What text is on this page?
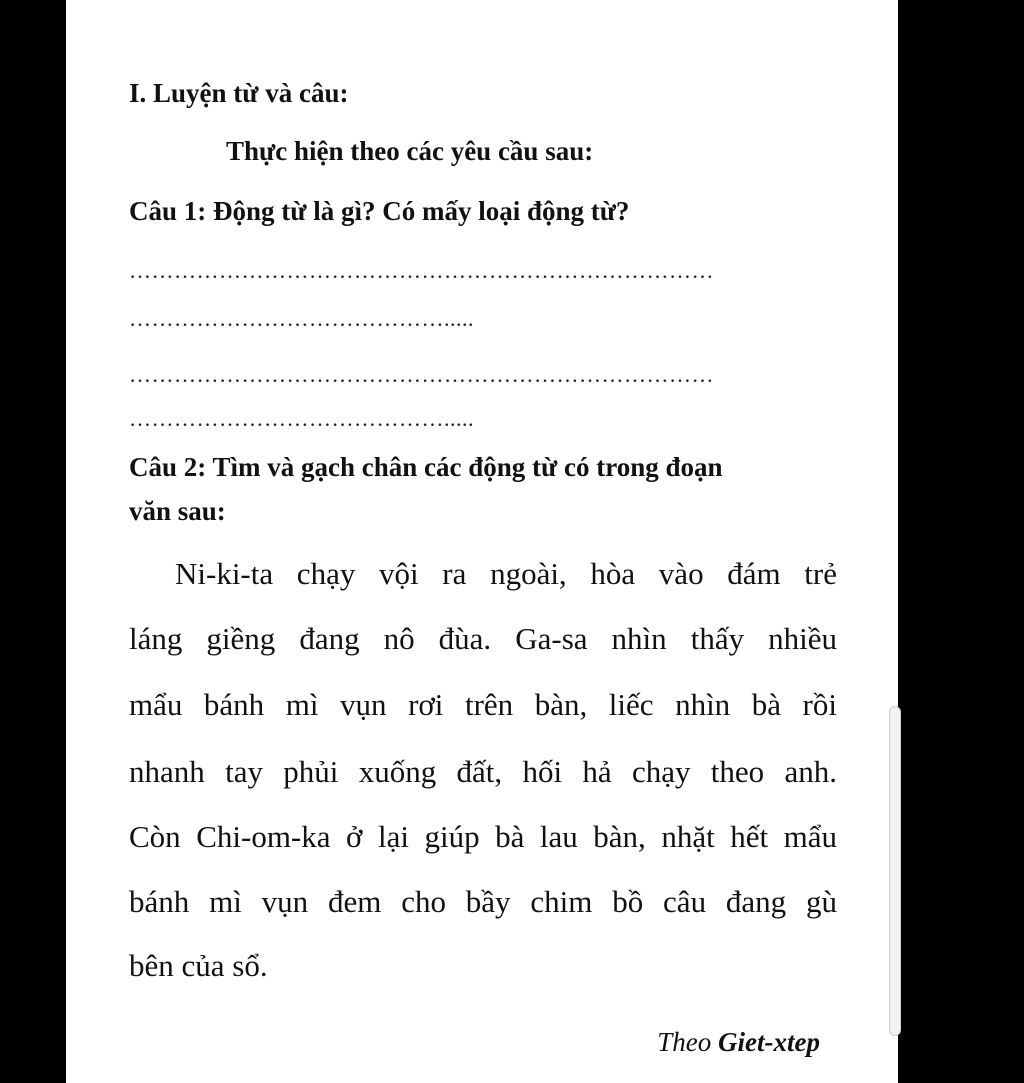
I. Luyện từ và câu:
Thực hiện theo các yêu cầu sau:
Câu 1: Động từ là gì? Có mấy loại động từ?
……………………………………………………………………
…………………………………….....
……………………………………………………………………
…………………………………….....
Câu 2: Tìm và gạch chân các động từ có trong đoạn
văn sau:
Ni-ki-ta chạy vội ra ngoài, hòa vào đám trẻ
láng giềng đang nô đùa. Ga-sa nhìn thấy nhiều
mẩu bánh mì vụn rơi trên bàn, liếc nhìn bà rồi
nhanh tay phủi xuống đất, hối hả chạy theo anh.
Còn Chi-om-ka ở lại giúp bà lau bàn, nhặt hết mẩu
bánh mì vụn đem cho bầy chim bồ câu đang gù
bên của sổ.
Theo Giet-xtep
